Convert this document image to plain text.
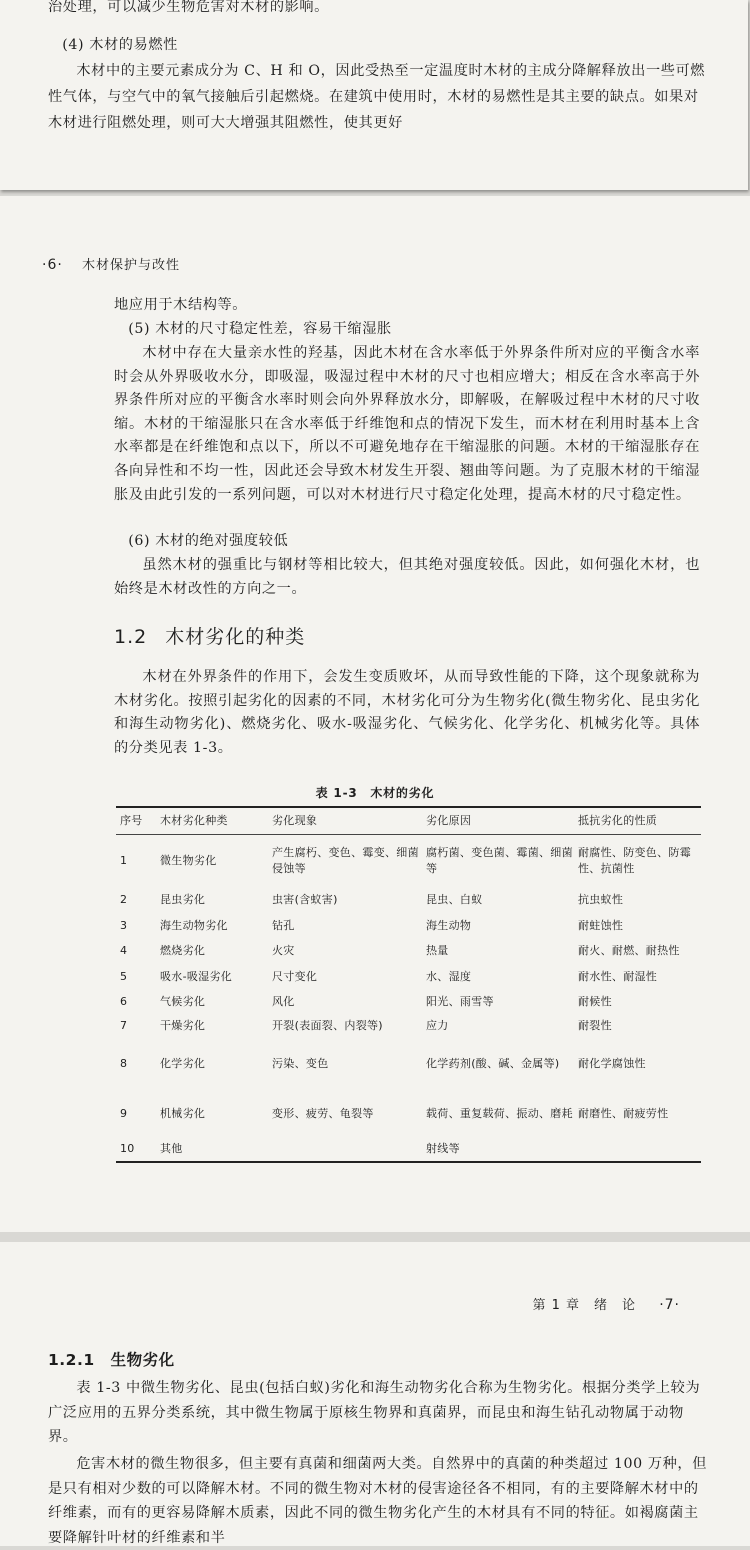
治处理，可以减少生物危害对木材的影响。

(4) 木材的易燃性

木材中的主要元素成分为 C、H 和 O，因此受热至一定温度时木材的主成分降解释放出一些可燃性气体，与空气中的氧气接触后引起燃烧。在建筑中使用时，木材的易燃性是其主要的缺点。如果对木材进行阻燃处理，则可大大增强其阻燃性，使其更好

·6· 木材保护与改性

地应用于木结构等。

(5) 木材的尺寸稳定性差，容易干缩湿胀

木材中存在大量亲水性的羟基，因此木材在含水率低于外界条件所对应的平衡含水率时会从外界吸收水分，即吸湿，吸湿过程中木材的尺寸也相应增大；相反在含水率高于外界条件所对应的平衡含水率时则会向外界释放水分，即解吸，在解吸过程中木材的尺寸收缩。木材的干缩湿胀只在含水率低于纤维饱和点的情况下发生，而木材在利用时基本上含水率都是在纤维饱和点以下，所以不可避免地存在干缩湿胀的问题。木材的干缩湿胀存在各向异性和不均一性，因此还会导致木材发生开裂、翘曲等问题。为了克服木材的干缩湿胀及由此引发的一系列问题，可以对木材进行尺寸稳定化处理，提高木材的尺寸稳定性。

(6) 木材的绝对强度较低

虽然木材的强重比与钢材等相比较大，但其绝对强度较低。因此，如何强化木材，也始终是木材改性的方向之一。

1.2 木材劣化的种类

木材在外界条件的作用下，会发生变质败坏，从而导致性能的下降，这个现象就称为木材劣化。按照引起劣化的因素的不同，木材劣化可分为生物劣化(微生物劣化、昆虫劣化和海生动物劣化)、燃烧劣化、吸水-吸湿劣化、气候劣化、化学劣化、机械劣化等。具体的分类见表 1-3。

表 1-3　木材的劣化
序号	木材劣化种类	劣化现象	劣化原因	抵抗劣化的性质
1	微生物劣化	产生腐朽、变色、霉变、细菌侵蚀等	腐朽菌、变色菌、霉菌、细菌等	耐腐性、防变色、防霉性、抗菌性
2	昆虫劣化	虫害(含蚁害)	昆虫、白蚁	抗虫蚁性
3	海生动物劣化	钻孔	海生动物	耐蛀蚀性
4	燃烧劣化	火灾	热量	耐火、耐燃、耐热性
5	吸水-吸湿劣化	尺寸变化	水、湿度	耐水性、耐湿性
6	气候劣化	风化	阳光、雨雪等	耐候性
7	干燥劣化	开裂(表面裂、内裂等)	应力	耐裂性
8	化学劣化	污染、变色	化学药剂(酸、碱、金属等)	耐化学腐蚀性
9	机械劣化	变形、疲劳、龟裂等	载荷、重复载荷、振动、磨耗	耐磨性、耐疲劳性
10	其他		射线等	
第 1 章　绪　论 ·7·
1.2.1 生物劣化

表 1-3 中微生物劣化、昆虫(包括白蚁)劣化和海生动物劣化合称为生物劣化。根据分类学上较为广泛应用的五界分类系统，其中微生物属于原核生物界和真菌界，而昆虫和海生钻孔动物属于动物界。

危害木材的微生物很多，但主要有真菌和细菌两大类。自然界中的真菌的种类超过 100 万种，但是只有相对少数的可以降解木材。不同的微生物对木材的侵害途径各不相同，有的主要降解木材中的纤维素，而有的更容易降解木质素，因此不同的微生物劣化产生的木材具有不同的特征。如褐腐菌主要降解针叶材的纤维素和半
